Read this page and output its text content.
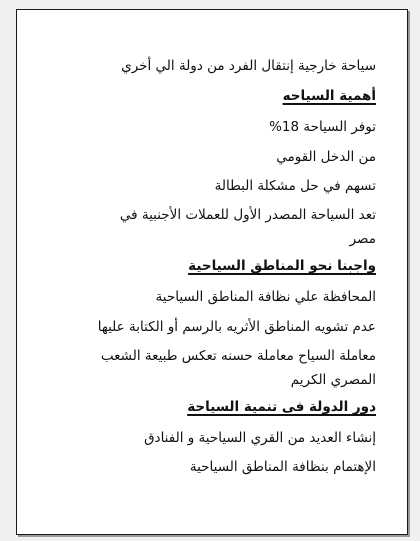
سياحة خارجية إنتقال الفرد من دولة الي أخري
أهمية السياحه
توفر السياحة 18%
من الدخل القومي
تسهم في حل مشكلة البطالة
تعد السياحة المصدر الأول للعملات الأجنبية في
مصر
واجبنا نحو المناطق السياحية
المحافظة علي نظافة المناطق السياحية
عدم تشويه المناطق الأثريه بالرسم أو الكتابة عليها
معاملة السياح معاملة حسنه تعكس طبيعة الشعب
المصري الكريم
دور الدولة فى تنمية السياحة
إنشاء العديد من القري السياحية و الفنادق
الإهتمام بنظافة المناطق السياحية
